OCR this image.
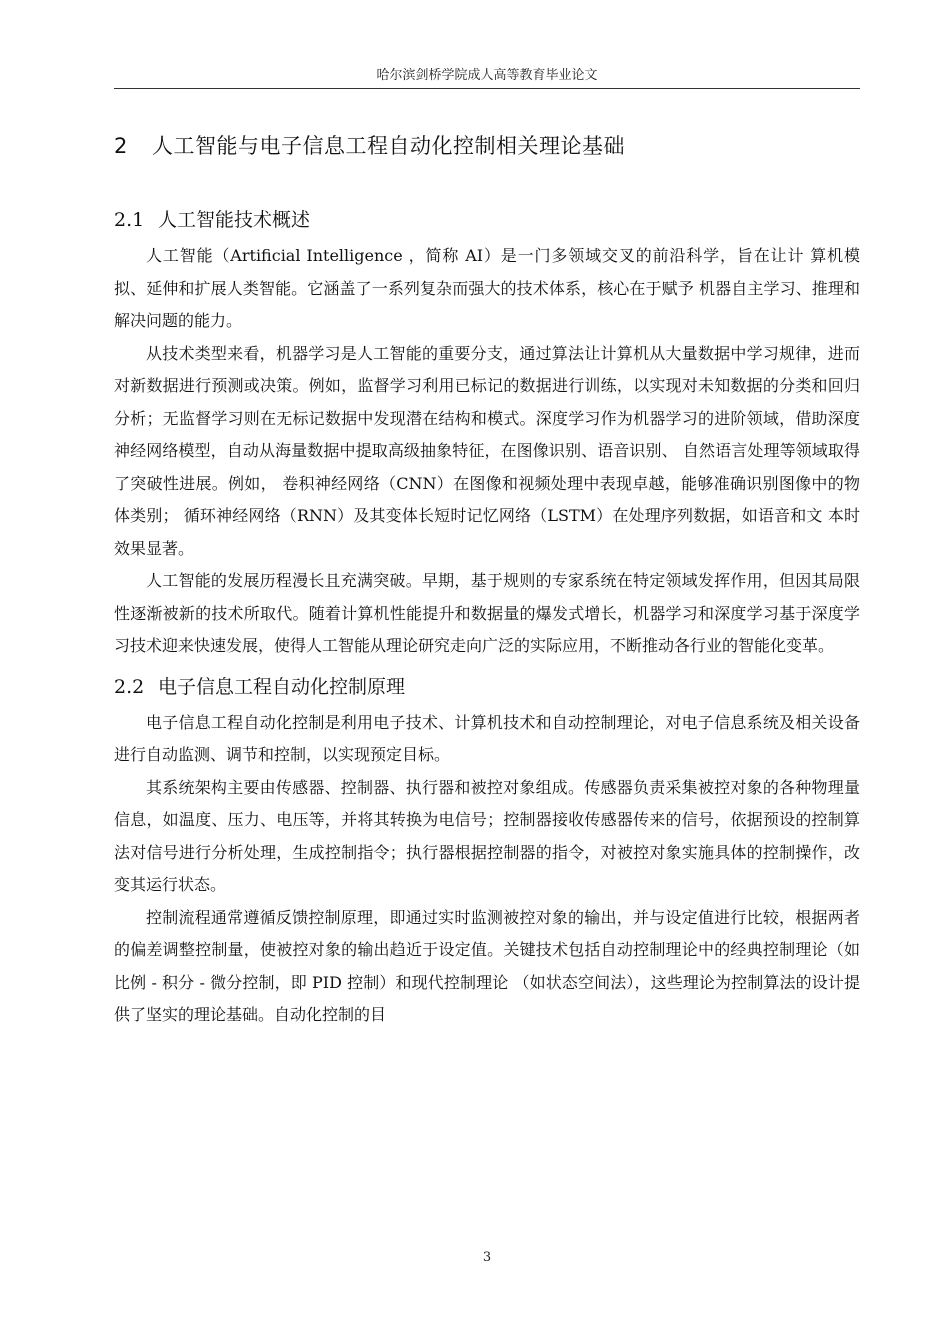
哈尔滨剑桥学院成人高等教育毕业论文
2 人工智能与电子信息工程自动化控制相关理论基础
2.1 人工智能技术概述

人工智能（Artificial Intelligence ，简称 AI）是一门多领域交叉的前沿科学，旨在让计 算机模拟、延伸和扩展人类智能。它涵盖了一系列复杂而强大的技术体系，核心在于赋予 机器自主学习、推理和解决问题的能力。

从技术类型来看，机器学习是人工智能的重要分支，通过算法让计算机从大量数据中学习规律，进而对新数据进行预测或决策。例如，监督学习利用已标记的数据进行训练，以实现对未知数据的分类和回归分析；无监督学习则在无标记数据中发现潜在结构和模式。深度学习作为机器学习的进阶领域，借助深度神经网络模型，自动从海量数据中提取高级抽象特征，在图像识别、语音识别、 自然语言处理等领域取得了突破性进展。例如， 卷积神经网络（CNN）在图像和视频处理中表现卓越，能够准确识别图像中的物体类别； 循环神经网络（RNN）及其变体长短时记忆网络（LSTM）在处理序列数据，如语音和文 本时效果显著。

人工智能的发展历程漫长且充满突破。早期，基于规则的专家系统在特定领域发挥作用，但因其局限性逐渐被新的技术所取代。随着计算机性能提升和数据量的爆发式增长，机器学习和深度学习基于深度学习技术迎来快速发展，使得人工智能从理论研究走向广泛的实际应用，不断推动各行业的智能化变革。

2.2 电子信息工程自动化控制原理

电子信息工程自动化控制是利用电子技术、计算机技术和自动控制理论，对电子信息系统及相关设备进行自动监测、调节和控制，以实现预定目标。

其系统架构主要由传感器、控制器、执行器和被控对象组成。传感器负责采集被控对象的各种物理量信息，如温度、压力、电压等，并将其转换为电信号；控制器接收传感器传来的信号，依据预设的控制算法对信号进行分析处理，生成控制指令；执行器根据控制器的指令，对被控对象实施具体的控制操作，改变其运行状态。

控制流程通常遵循反馈控制原理，即通过实时监测被控对象的输出，并与设定值进行比较，根据两者的偏差调整控制量，使被控对象的输出趋近于设定值。关键技术包括自动控制理论中的经典控制理论（如比例 - 积分 - 微分控制，即 PID 控制）和现代控制理论 （如状态空间法），这些理论为控制算法的设计提供了坚实的理论基础。自动化控制的目

3
